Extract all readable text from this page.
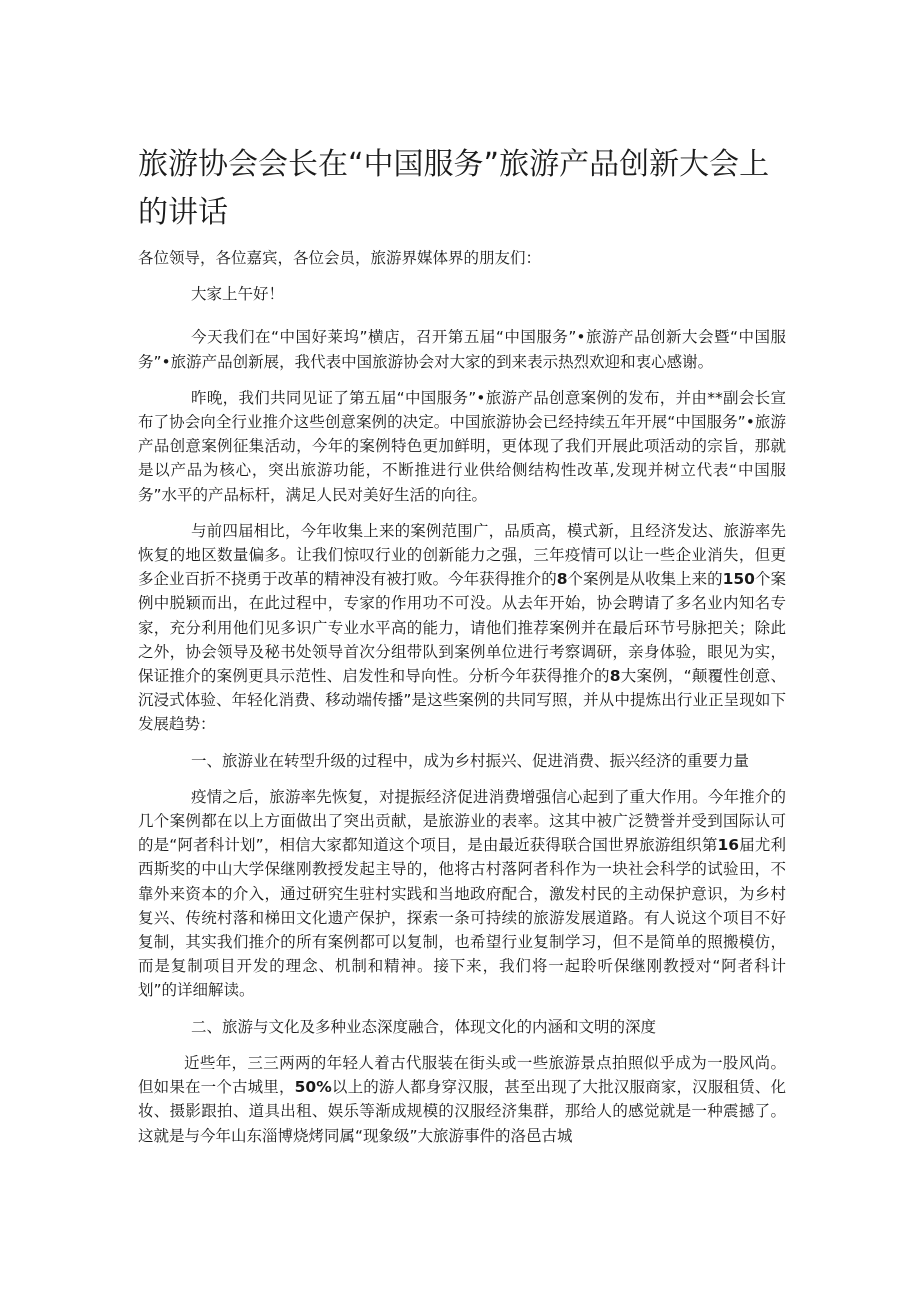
旅游协会会长在“中国服务”旅游产品创新大会上的讲话

各位领导，各位嘉宾，各位会员，旅游界媒体界的朋友们：

大家上午好！

今天我们在“中国好莱坞”横店，召开第五届“中国服务”•旅游产品创新大会暨“中国服务”•旅游产品创新展，我代表中国旅游协会对大家的到来表示热烈欢迎和衷心感谢。

昨晚，我们共同见证了第五届“中国服务”•旅游产品创意案例的发布，并由**副会长宣布了协会向全行业推介这些创意案例的决定。中国旅游协会已经持续五年开展“中国服务”•旅游产品创意案例征集活动，今年的案例特色更加鲜明，更体现了我们开展此项活动的宗旨，那就是以产品为核心，突出旅游功能，不断推进行业供给侧结构性改革,发现并树立代表“中国服务”水平的产品标杆，满足人民对美好生活的向往。

与前四届相比，今年收集上来的案例范围广，品质高，模式新，且经济发达、旅游率先恢复的地区数量偏多。让我们惊叹行业的创新能力之强，三年疫情可以让一些企业消失，但更多企业百折不挠勇于改革的精神没有被打败。今年获得推介的8个案例是从收集上来的150个案例中脱颖而出，在此过程中，专家的作用功不可没。从去年开始，协会聘请了多名业内知名专家，充分利用他们见多识广专业水平高的能力，请他们推荐案例并在最后环节号脉把关；除此之外，协会领导及秘书处领导首次分组带队到案例单位进行考察调研，亲身体验，眼见为实，保证推介的案例更具示范性、启发性和导向性。分析今年获得推介的8大案例，“颠覆性创意、沉浸式体验、年轻化消费、移动端传播”是这些案例的共同写照，并从中提炼出行业正呈现如下发展趋势：

一、旅游业在转型升级的过程中，成为乡村振兴、促进消费、振兴经济的重要力量

疫情之后，旅游率先恢复，对提振经济促进消费增强信心起到了重大作用。今年推介的几个案例都在以上方面做出了突出贡献，是旅游业的表率。这其中被广泛赞誉并受到国际认可的是“阿者科计划”，相信大家都知道这个项目，是由最近获得联合国世界旅游组织第16届尤利西斯奖的中山大学保继刚教授发起主导的，他将古村落阿者科作为一块社会科学的试验田，不靠外来资本的介入，通过研究生驻村实践和当地政府配合，激发村民的主动保护意识，为乡村复兴、传统村落和梯田文化遗产保护，探索一条可持续的旅游发展道路。有人说这个项目不好复制，其实我们推介的所有案例都可以复制，也希望行业复制学习，但不是简单的照搬模仿，而是复制项目开发的理念、机制和精神。接下来，我们将一起聆听保继刚教授对“阿者科计划”的详细解读。

二、旅游与文化及多种业态深度融合，体现文化的内涵和文明的深度

近些年，三三两两的年轻人着古代服装在街头或一些旅游景点拍照似乎成为一股风尚。但如果在一个古城里，50%以上的游人都身穿汉服，甚至出现了大批汉服商家，汉服租赁、化妆、摄影跟拍、道具出租、娱乐等渐成规模的汉服经济集群，那给人的感觉就是一种震撼了。这就是与今年山东淄博烧烤同属“现象级”大旅游事件的洛邑古城
